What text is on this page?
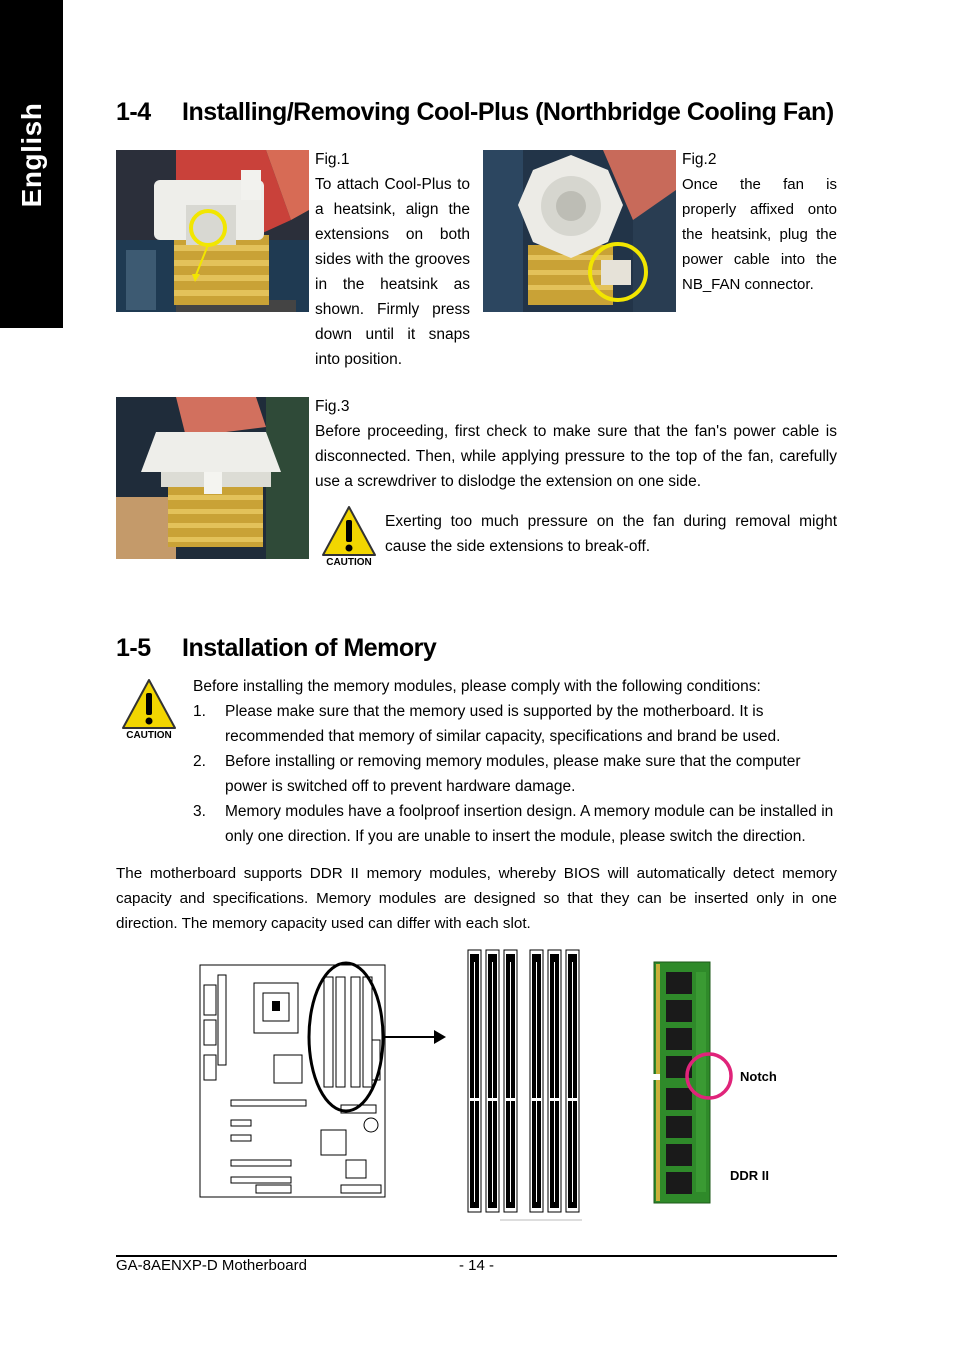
English	1-4 Installing/Removing Cool-Plus (Northbridge Cooling Fan)

Fig.1

To attach Cool-Plus to a heatsink, align the extensions on both sides with the grooves in the heatsink as shown. Firmly press down until it snaps into position.

Fig.2

Once the fan is properly affixed onto the heatsink, plug the power cable into the NB_FAN connector.

Fig.3

Before proceeding, first check to make sure that the fan's power cable is disconnected. Then, while applying pressure to the top of the fan, carefully use a screwdriver to dislodge the extension on one side.

CAUTION

Exerting too much pressure on the fan during removal might cause the side extensions to break-off.

1-5 Installation of Memory
CAUTION
Before installing the memory modules, please comply with the following conditions:
1. Please make sure that the memory used is supported by the motherboard. It is recommended that memory of similar capacity, specifications and brand be used.
2. Before installing or removing memory modules, please make sure that the computer power is switched off to prevent hardware damage.
3. Memory modules have a foolproof insertion design. A memory module can be installed in only one direction. If you are unable to insert the module, please switch the direction.

The motherboard supports DDR II memory modules, whereby BIOS will automatically detect memory capacity and specifications. Memory modules are designed so that they can be inserted only in one direction. The memory capacity used can differ with each slot.

Notch
DDR II
GA-8AENXP-D Motherboard	- 14 -
